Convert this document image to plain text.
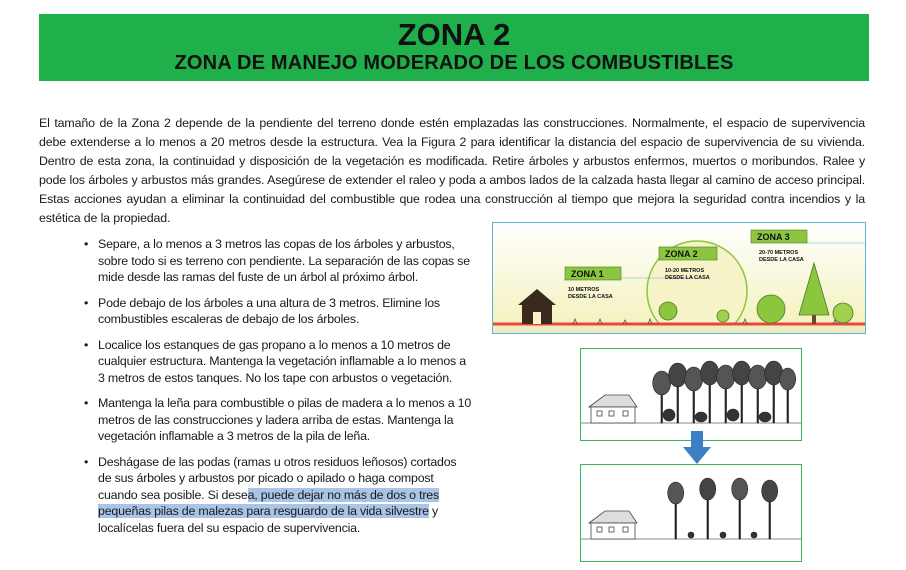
ZONA 2
ZONA DE MANEJO MODERADO DE LOS COMBUSTIBLES
El tamaño de la Zona 2 depende de la pendiente del terreno donde estén emplazadas las construcciones. Normalmente, el espacio de supervivencia debe extenderse a lo menos a 20 metros desde la estructura. Vea la Figura 2 para identificar la distancia del espacio de supervivencia de su vivienda. Dentro de esta zona, la continuidad y disposición de la vegetación es modificada. Retire árboles y arbustos enfermos, muertos o moribundos. Ralee y pode los árboles y arbustos más grandes. Asegúrese de extender el raleo y poda a ambos lados de la calzada hasta llegar al camino de acceso principal. Estas acciones ayudan a eliminar la continuidad del combustible que rodea una construcción al tiempo que mejora la seguridad contra incendios y la estética de la propiedad.
• Separe, a lo menos a 3 metros las copas de los árboles y arbustos, sobre todo si es terreno con pendiente. La separación de las copas se mide desde las ramas del fuste de un árbol al próximo árbol.
• Pode debajo de los árboles a una altura de 3 metros. Elimine los combustibles escaleras de debajo de los árboles.
• Localice los estanques de gas propano a lo menos a 10 metros de cualquier estructura. Mantenga la vegetación inflamable a lo menos a 3 metros de estos tanques. No los tape con arbustos o vegetación.
• Mantenga la leña para combustible o pilas de madera a lo menos a 10 metros de las construcciones y ladera arriba de estas. Mantenga la vegetación inflamable a 3 metros de la pila de leña.
• Deshágase de las podas (ramas u otros residuos leñosos) cortados de sus árboles y arbustos por picado o apilado o haga compost cuando sea posible. Si desea, puede dejar no más de dos o tres pequeñas pilas de malezas para resguardo de la vida silvestre y localícelas fuera del su espacio de supervivencia.
ZONA 1
10 METROS
DESDE LA CASA
ZONA 2
10-20 METROS
DESDE LA CASA
ZONA 3
20-70 METROS
DESDE LA CASA
